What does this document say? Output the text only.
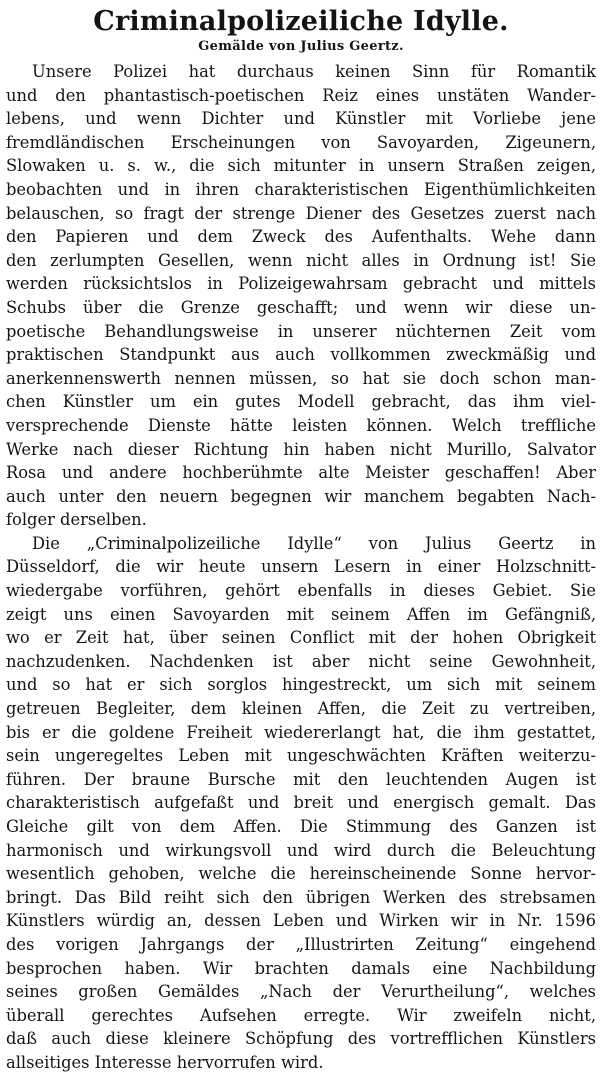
Criminalpolizeiliche Idylle.
Gemälde von Julius Geertz.
Unsere Polizei hat durchaus keinen Sinn für Romantik
und den phantastisch-poetischen Reiz eines unstäten Wander-
lebens, und wenn Dichter und Künstler mit Vorliebe jene
fremdländischen Erscheinungen von Savoyarden, Zigeunern,
Slowaken u. s. w., die sich mitunter in unsern Straßen zeigen,
beobachten und in ihren charakteristischen Eigenthümlichkeiten
belauschen, so fragt der strenge Diener des Gesetzes zuerst nach
den Papieren und dem Zweck des Aufenthalts. Wehe dann
den zerlumpten Gesellen, wenn nicht alles in Ordnung ist! Sie
werden rücksichtslos in Polizeigewahrsam gebracht und mittels
Schubs über die Grenze geschafft; und wenn wir diese un-
poetische Behandlungsweise in unserer nüchternen Zeit vom
praktischen Standpunkt aus auch vollkommen zweckmäßig und
anerkennenswerth nennen müssen, so hat sie doch schon man-
chen Künstler um ein gutes Modell gebracht, das ihm viel-
versprechende Dienste hätte leisten können. Welch treffliche
Werke nach dieser Richtung hin haben nicht Murillo, Salvator
Rosa und andere hochberühmte alte Meister geschaffen! Aber
auch unter den neuern begegnen wir manchem begabten Nach-
folger derselben.
Die „Criminalpolizeiliche Idylle“ von Julius Geertz in
Düsseldorf, die wir heute unsern Lesern in einer Holzschnitt-
wiedergabe vorführen, gehört ebenfalls in dieses Gebiet. Sie
zeigt uns einen Savoyarden mit seinem Affen im Gefängniß,
wo er Zeit hat, über seinen Conflict mit der hohen Obrigkeit
nachzudenken. Nachdenken ist aber nicht seine Gewohnheit,
und so hat er sich sorglos hingestreckt, um sich mit seinem
getreuen Begleiter, dem kleinen Affen, die Zeit zu vertreiben,
bis er die goldene Freiheit wiedererlangt hat, die ihm gestattet,
sein ungeregeltes Leben mit ungeschwächten Kräften weiterzu-
führen. Der braune Bursche mit den leuchtenden Augen ist
charakteristisch aufgefaßt und breit und energisch gemalt. Das
Gleiche gilt von dem Affen. Die Stimmung des Ganzen ist
harmonisch und wirkungsvoll und wird durch die Beleuchtung
wesentlich gehoben, welche die hereinscheinende Sonne hervor-
bringt. Das Bild reiht sich den übrigen Werken des strebsamen
Künstlers würdig an, dessen Leben und Wirken wir in Nr. 1596
des vorigen Jahrgangs der „Illustrirten Zeitung“ eingehend
besprochen haben. Wir brachten damals eine Nachbildung
seines großen Gemäldes „Nach der Verurtheilung“, welches
überall gerechtes Aufsehen erregte. Wir zweifeln nicht,
daß auch diese kleinere Schöpfung des vortrefflichen Künstlers
allseitiges Interesse hervorrufen wird.
